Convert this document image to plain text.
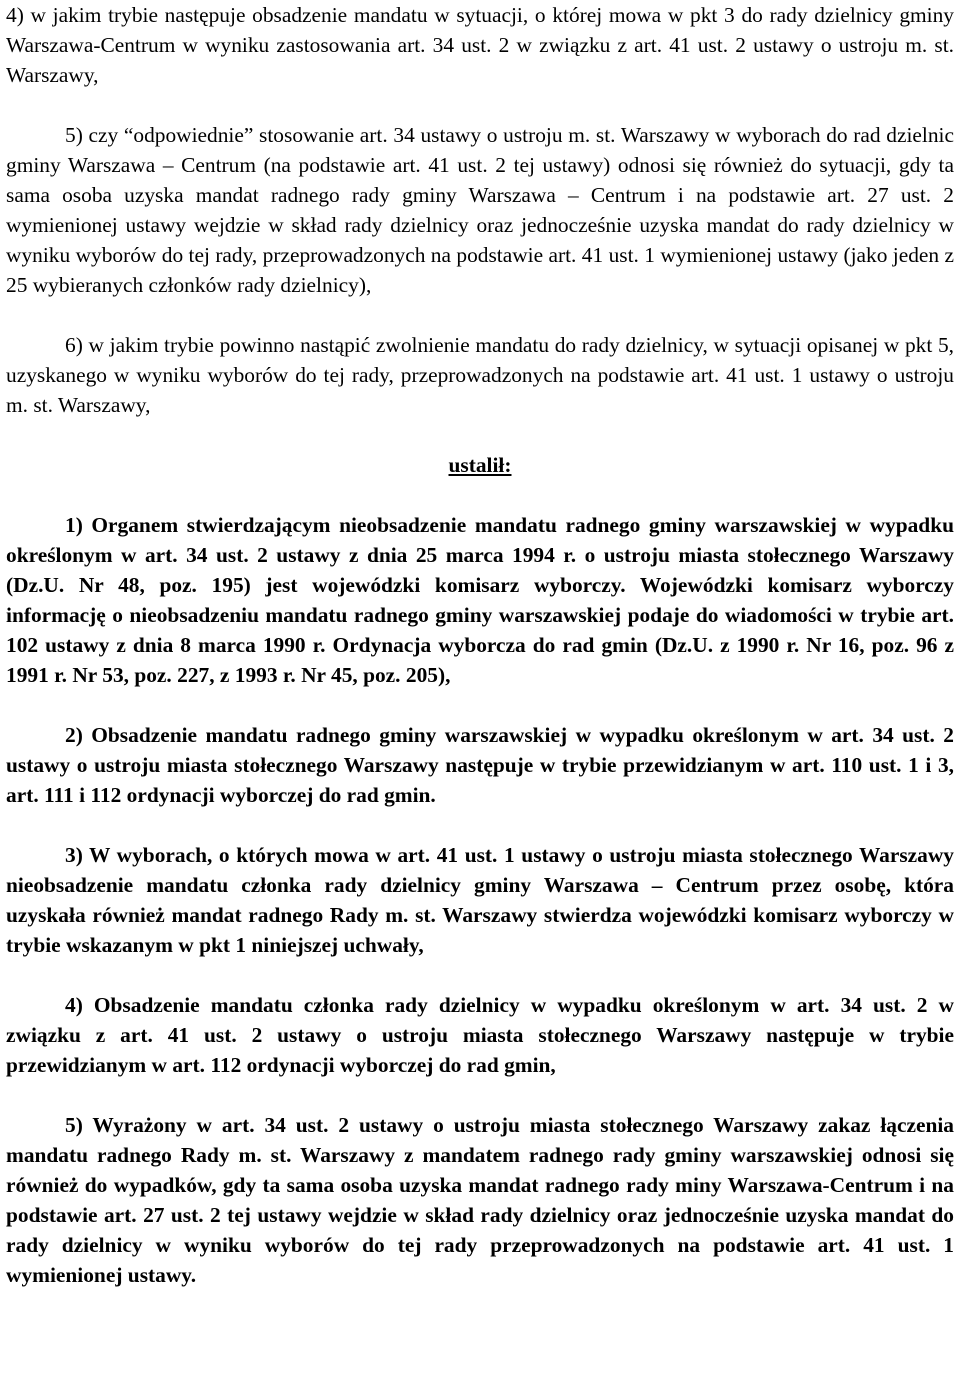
4) w jakim trybie następuje obsadzenie mandatu w sytuacji, o której mowa w pkt 3 do rady dzielnicy gminy Warszawa-Centrum w wyniku zastosowania art. 34 ust. 2 w związku z art. 41 ust. 2 ustawy o ustroju m. st. Warszawy,

5) czy “odpowiednie” stosowanie art. 34 ustawy o ustroju m. st. Warszawy w wyborach do rad dzielnic gminy Warszawa – Centrum (na podstawie art. 41 ust. 2 tej ustawy) odnosi się również do sytuacji, gdy ta sama osoba uzyska mandat radnego rady gminy Warszawa – Centrum i na podstawie art. 27 ust. 2 wymienionej ustawy wejdzie w skład rady dzielnicy oraz jednocześnie uzyska mandat do rady dzielnicy w wyniku wyborów do tej rady, przeprowadzonych na podstawie art. 41 ust. 1 wymienionej ustawy (jako jeden z 25 wybieranych członków rady dzielnicy),

6) w jakim trybie powinno nastąpić zwolnienie mandatu do rady dzielnicy, w sytuacji opisanej w pkt 5, uzyskanego w wyniku wyborów do tej rady, przeprowadzonych na podstawie art. 41 ust. 1 ustawy o ustroju m. st. Warszawy,

ustalił:

1) Organem stwierdzającym nieobsadzenie mandatu radnego gminy warszawskiej w wypadku określonym w art. 34 ust. 2 ustawy z dnia 25 marca 1994 r. o ustroju miasta stołecznego Warszawy (Dz.U. Nr 48, poz. 195) jest wojewódzki komisarz wyborczy. Wojewódzki komisarz wyborczy informację o nieobsadzeniu mandatu radnego gminy warszawskiej podaje do wiadomości w trybie art. 102 ustawy z dnia 8 marca 1990 r. Ordynacja wyborcza do rad gmin (Dz.U. z 1990 r. Nr 16, poz. 96 z 1991 r. Nr 53, poz. 227, z 1993 r. Nr 45, poz. 205),

2) Obsadzenie mandatu radnego gminy warszawskiej w wypadku określonym w art. 34 ust. 2 ustawy o ustroju miasta stołecznego Warszawy następuje w trybie przewidzianym w art. 110 ust. 1 i 3, art. 111 i 112 ordynacji wyborczej do rad gmin.

3) W wyborach, o których mowa w art. 41 ust. 1 ustawy o ustroju miasta stołecznego Warszawy nieobsadzenie mandatu członka rady dzielnicy gminy Warszawa – Centrum przez osobę, która uzyskała również mandat radnego Rady m. st. Warszawy stwierdza wojewódzki komisarz wyborczy w trybie wskazanym w pkt 1 niniejszej uchwały,

4) Obsadzenie mandatu członka rady dzielnicy w wypadku określonym w art. 34 ust. 2 w związku z art. 41 ust. 2 ustawy o ustroju miasta stołecznego Warszawy następuje w trybie przewidzianym w art. 112 ordynacji wyborczej do rad gmin,

5) Wyrażony w art. 34 ust. 2 ustawy o ustroju miasta stołecznego Warszawy zakaz łączenia mandatu radnego Rady m. st. Warszawy z mandatem radnego rady gminy warszawskiej odnosi się również do wypadków, gdy ta sama osoba uzyska mandat radnego rady miny Warszawa-Centrum i na podstawie art. 27 ust. 2 tej ustawy wejdzie w skład rady dzielnicy oraz jednocześnie uzyska mandat do rady dzielnicy w wyniku wyborów do tej rady przeprowadzonych na podstawie art. 41 ust. 1 wymienionej ustawy.
